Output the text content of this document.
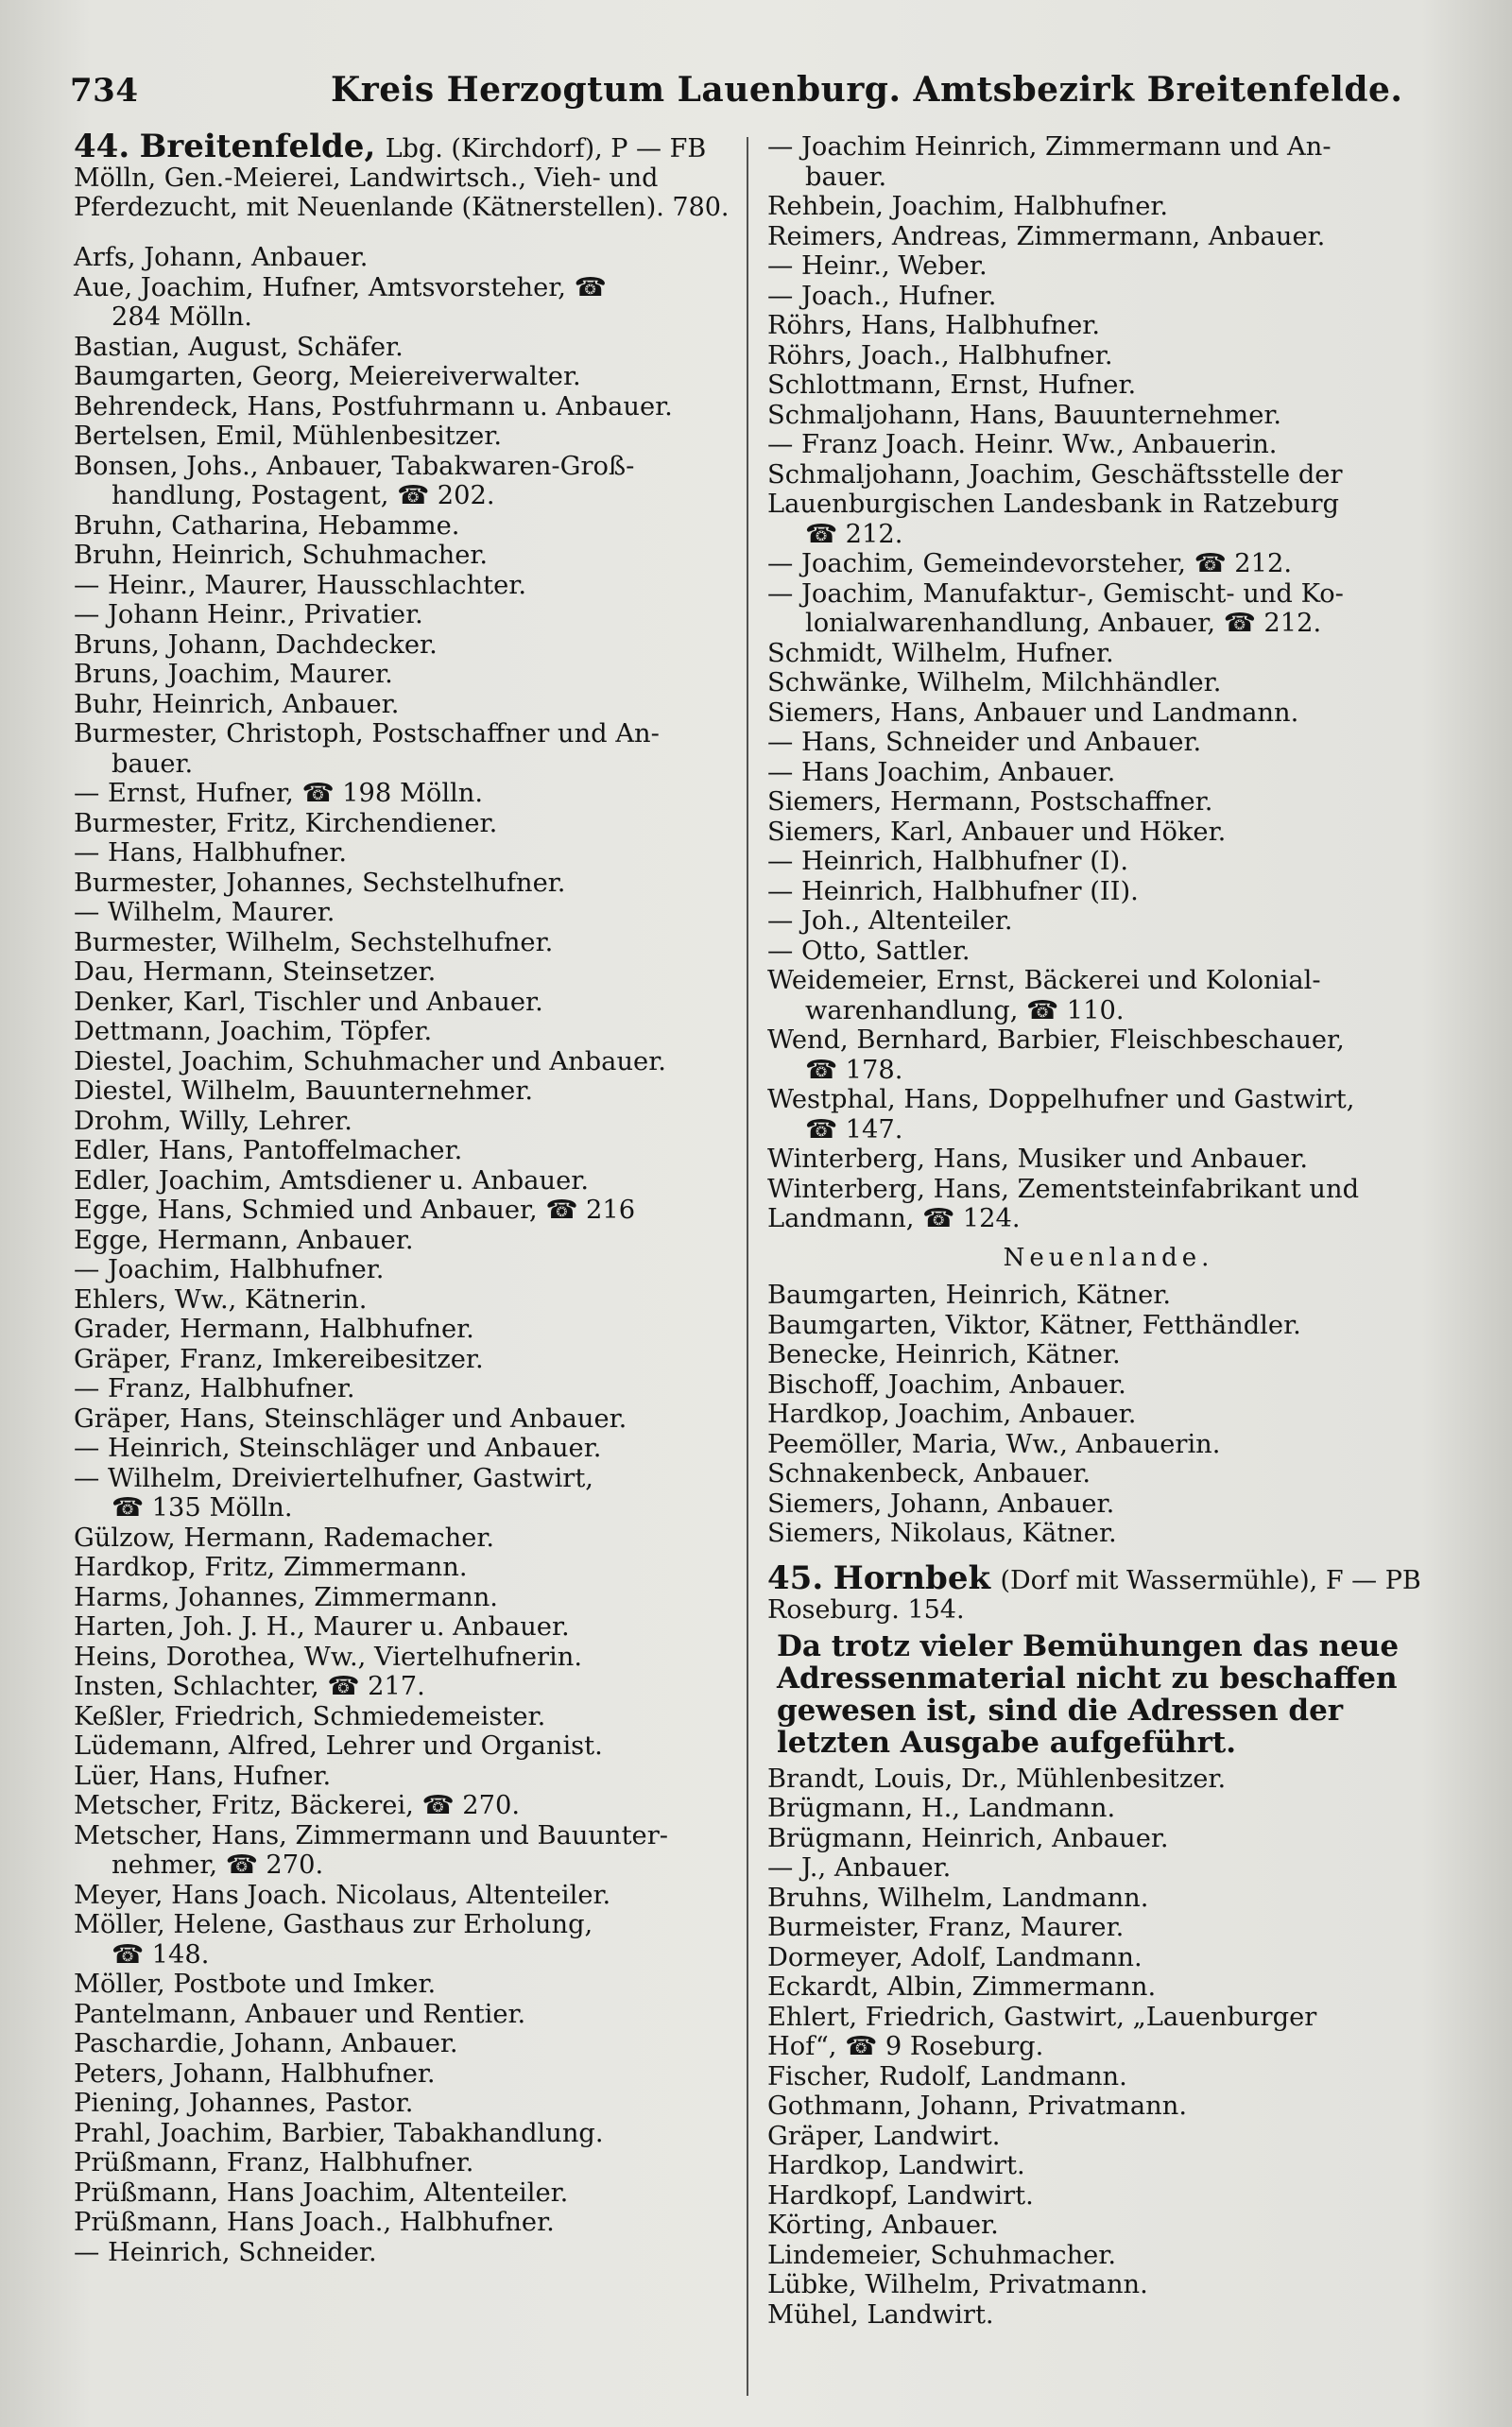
734	Kreis Herzogtum Lauenburg. Amtsbezirk Breitenfelde.

44. Breitenfelde, Lbg. (Kirchdorf), P — FB Mölln, Gen.-Meierei, Landwirtsch., Vieh- und Pferdezucht, mit Neuenlande (Kätnerstellen). 780.

Arfs, Johann, Anbauer.

Aue, Joachim, Hufner, Amtsvorsteher, ☎

284 Mölln.

Bastian, August, Schäfer.

Baumgarten, Georg, Meiereiverwalter.

Behrendeck, Hans, Postfuhrmann u. Anbauer.

Bertelsen, Emil, Mühlenbesitzer.

Bonsen, Johs., Anbauer, Tabakwaren-Groß-

handlung, Postagent, ☎ 202.

Bruhn, Catharina, Hebamme.

Bruhn, Heinrich, Schuhmacher.

— Heinr., Maurer, Hausschlachter.

— Johann Heinr., Privatier.

Bruns, Johann, Dachdecker.

Bruns, Joachim, Maurer.

Buhr, Heinrich, Anbauer.

Burmester, Christoph, Postschaffner und An-

bauer.

— Ernst, Hufner, ☎ 198 Mölln.

Burmester, Fritz, Kirchendiener.

— Hans, Halbhufner.

Burmester, Johannes, Sechstelhufner.

— Wilhelm, Maurer.

Burmester, Wilhelm, Sechstelhufner.

Dau, Hermann, Steinsetzer.

Denker, Karl, Tischler und Anbauer.

Dettmann, Joachim, Töpfer.

Diestel, Joachim, Schuhmacher und Anbauer.

Diestel, Wilhelm, Bauunternehmer.

Drohm, Willy, Lehrer.

Edler, Hans, Pantoffelmacher.

Edler, Joachim, Amtsdiener u. Anbauer.

Egge, Hans, Schmied und Anbauer, ☎ 216

Egge, Hermann, Anbauer.

— Joachim, Halbhufner.

Ehlers, Ww., Kätnerin.

Grader, Hermann, Halbhufner.

Gräper, Franz, Imkereibesitzer.

— Franz, Halbhufner.

Gräper, Hans, Steinschläger und Anbauer.

— Heinrich, Steinschläger und Anbauer.

— Wilhelm, Dreiviertelhufner, Gastwirt,

☎ 135 Mölln.

Gülzow, Hermann, Rademacher.

Hardkop, Fritz, Zimmermann.

Harms, Johannes, Zimmermann.

Harten, Joh. J. H., Maurer u. Anbauer.

Heins, Dorothea, Ww., Viertelhufnerin.

Insten, Schlachter, ☎ 217.

Keßler, Friedrich, Schmiedemeister.

Lüdemann, Alfred, Lehrer und Organist.

Lüer, Hans, Hufner.

Metscher, Fritz, Bäckerei, ☎ 270.

Metscher, Hans, Zimmermann und Bauunter-

nehmer, ☎ 270.

Meyer, Hans Joach. Nicolaus, Altenteiler.

Möller, Helene, Gasthaus zur Erholung,

☎ 148.

Möller, Postbote und Imker.

Pantelmann, Anbauer und Rentier.

Paschardie, Johann, Anbauer.

Peters, Johann, Halbhufner.

Piening, Johannes, Pastor.

Prahl, Joachim, Barbier, Tabakhandlung.

Prüßmann, Franz, Halbhufner.

Prüßmann, Hans Joachim, Altenteiler.

Prüßmann, Hans Joach., Halbhufner.

— Heinrich, Schneider.

— Joachim Heinrich, Zimmermann und An-

bauer.

Rehbein, Joachim, Halbhufner.

Reimers, Andreas, Zimmermann, Anbauer.

— Heinr., Weber.

— Joach., Hufner.

Röhrs, Hans, Halbhufner.

Röhrs, Joach., Halbhufner.

Schlottmann, Ernst, Hufner.

Schmaljohann, Hans, Bauunternehmer.

— Franz Joach. Heinr. Ww., Anbauerin.

Schmaljohann, Joachim, Geschäftsstelle der

Lauenburgischen Landesbank in Ratzeburg

☎ 212.

— Joachim, Gemeindevorsteher, ☎ 212.

— Joachim, Manufaktur-, Gemischt- und Ko-

lonialwarenhandlung, Anbauer, ☎ 212.

Schmidt, Wilhelm, Hufner.

Schwänke, Wilhelm, Milchhändler.

Siemers, Hans, Anbauer und Landmann.

— Hans, Schneider und Anbauer.

— Hans Joachim, Anbauer.

Siemers, Hermann, Postschaffner.

Siemers, Karl, Anbauer und Höker.

— Heinrich, Halbhufner (I).

— Heinrich, Halbhufner (II).

— Joh., Altenteiler.

— Otto, Sattler.

Weidemeier, Ernst, Bäckerei und Kolonial-

warenhandlung, ☎ 110.

Wend, Bernhard, Barbier, Fleischbeschauer,

☎ 178.

Westphal, Hans, Doppelhufner und Gastwirt,

☎ 147.

Winterberg, Hans, Musiker und Anbauer.

Winterberg, Hans, Zementsteinfabrikant und

Landmann, ☎ 124.

Neuenlande.

Baumgarten, Heinrich, Kätner.

Baumgarten, Viktor, Kätner, Fetthändler.

Benecke, Heinrich, Kätner.

Bischoff, Joachim, Anbauer.

Hardkop, Joachim, Anbauer.

Peemöller, Maria, Ww., Anbauerin.

Schnakenbeck, Anbauer.

Siemers, Johann, Anbauer.

Siemers, Nikolaus, Kätner.

45. Hornbek (Dorf mit Wassermühle), F — PB Roseburg. 154.

Da trotz vieler Bemühungen das neue Adressenmaterial nicht zu beschaffen gewesen ist, sind die Adressen der letzten Ausgabe aufgeführt.

Brandt, Louis, Dr., Mühlenbesitzer.

Brügmann, H., Landmann.

Brügmann, Heinrich, Anbauer.

— J., Anbauer.

Bruhns, Wilhelm, Landmann.

Burmeister, Franz, Maurer.

Dormeyer, Adolf, Landmann.

Eckardt, Albin, Zimmermann.

Ehlert, Friedrich, Gastwirt, „Lauenburger

Hof“, ☎ 9 Roseburg.

Fischer, Rudolf, Landmann.

Gothmann, Johann, Privatmann.

Gräper, Landwirt.

Hardkop, Landwirt.

Hardkopf, Landwirt.

Körting, Anbauer.

Lindemeier, Schuhmacher.

Lübke, Wilhelm, Privatmann.

Mühel, Landwirt.
